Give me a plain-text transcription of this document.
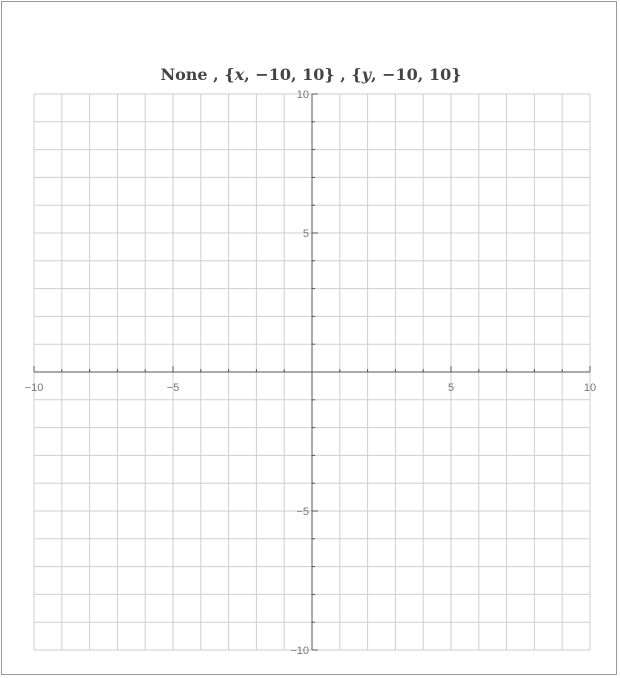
None , {x, −10, 10} , {y, −10, 10}
−10	−5	5	10
10
5
−5
−10
